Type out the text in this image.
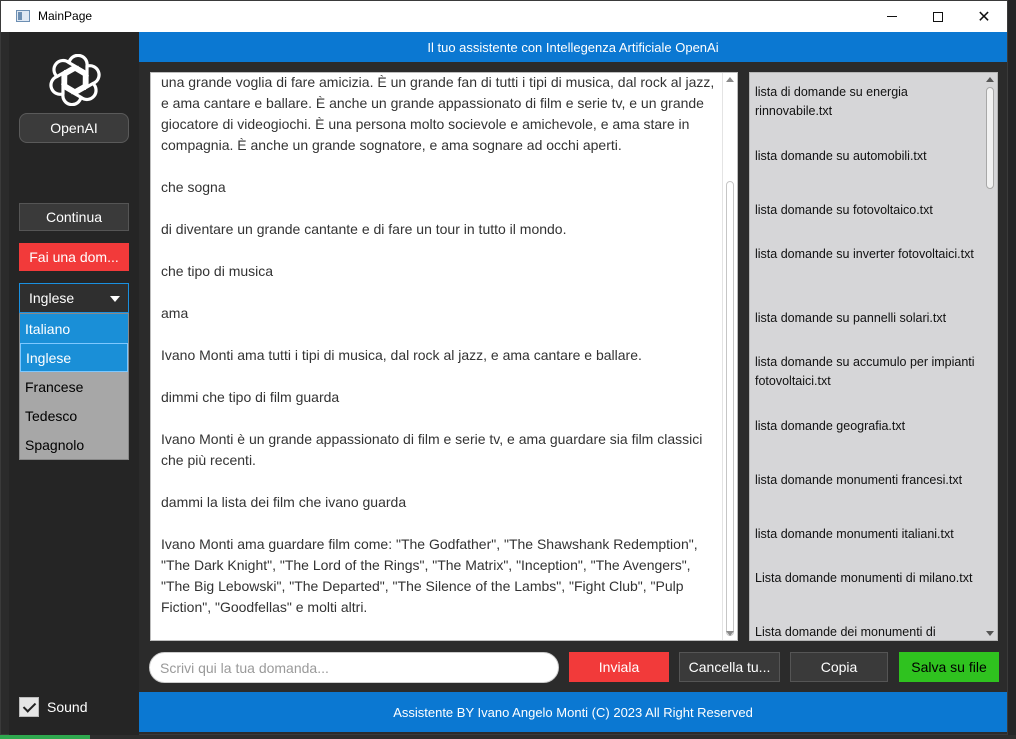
MainPage	✕
OpenAI
Continua
Fai una dom...
Inglese
Italiano
Inglese
Francese
Tedesco
Spagnolo
Sound
Il tuo assistente con Intellegenza Artificiale OpenAi

una grande voglia di fare amicizia. È un grande fan di tutti i tipi di musica, dal rock al jazz, e ama cantare e ballare. È anche un grande appassionato di film e serie tv, e un grande giocatore di videogiochi. È una persona molto socievole e amichevole, e ama stare in compagnia. È anche un grande sognatore, e ama sognare ad occhi aperti.

che sogna

di diventare un grande cantante e di fare un tour in tutto il mondo.

che tipo di musica

ama

Ivano Monti ama tutti i tipi di musica, dal rock al jazz, e ama cantare e ballare.

dimmi che tipo di film guarda

Ivano Monti è un grande appassionato di film e serie tv, e ama guardare sia film classici che più recenti.

dammi la lista dei film che ivano guarda

Ivano Monti ama guardare film come: "The Godfather", "The Shawshank Redemption", "The Dark Knight", "The Lord of the Rings", "The Matrix", "Inception", "The Avengers", "The Big Lebowski", "The Departed", "The Silence of the Lambs", "Fight Club", "Pulp Fiction", "Goodfellas" e molti altri.

lista di domande su energia rinnovabile.txt
lista domande su automobili.txt
lista domande su fotovoltaico.txt
lista domande su inverter fotovoltaici.txt
lista domande su pannelli solari.txt
lista domande su accumulo per impianti fotovoltaici.txt
lista domande geografia.txt
lista domande monumenti francesi.txt
lista domande monumenti italiani.txt
Lista domande monumenti di milano.txt
Lista domande dei monumenti di
Scrivi qui la tua domanda...
Inviala	Cancella tu...	Copia	Salva su file
Assistente BY Ivano Angelo Monti (C) 2023 All Right Reserved
